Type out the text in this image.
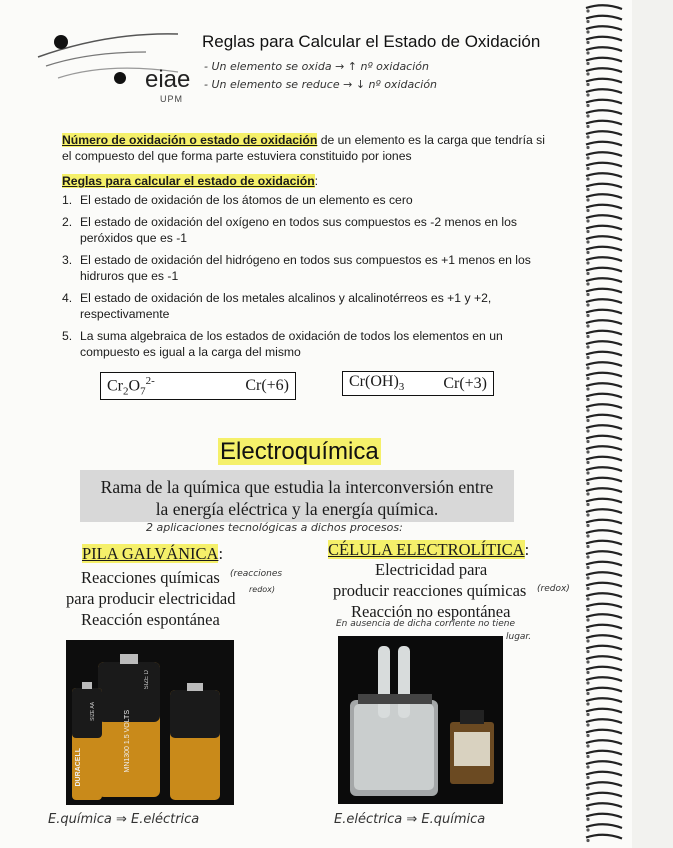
eiae
UPM
Reglas para Calcular el Estado de Oxidación
- Un elemento se oxida → ↑ nº oxidación
- Un elemento se reduce → ↓ nº oxidación
Número de oxidación o estado de oxidación de un elemento es la carga que tendría si el compuesto del que forma parte estuviera constituido por iones
Reglas para calcular el estado de oxidación:
1. El estado de oxidación de los átomos de un elemento es cero
2. El estado de oxidación del oxígeno en todos sus compuestos es -2 menos en los peróxidos que es -1
3. El estado de oxidación del hidrógeno en todos sus compuestos es +1 menos en los hidruros que es -1
4. El estado de oxidación de los metales alcalinos y alcalinotérreos es +1 y +2, respectivamente
5. La suma algebraica de los estados de oxidación de todos los elementos en un compuesto es igual a la carga del mismo
$Cr_2O_7^{2-}$	Cr(+6)	$Cr(OH)_3$ Cr(+3)
Electroquímica
Rama de la química que estudia la interconversión entre
la energía eléctrica y la energía química.
2 aplicaciones tecnológicas a dichos procesos:
PILA GALVÁNICA:
Reacciones químicas (reacciones
para producir electricidad redox)
Reacción espontánea
CÉLULA ELECTROLÍTICA:
Electricidad para
producir reacciones químicas (redox)
Reacción no espontánea
En ausencia de dicha corriente no tiene
lugar.
DURACELL
SIZE AA	MN1300 1.5 VOLTS
SIZE D
E.química ⇒ E.eléctrica	E.eléctrica ⇒ E.química
